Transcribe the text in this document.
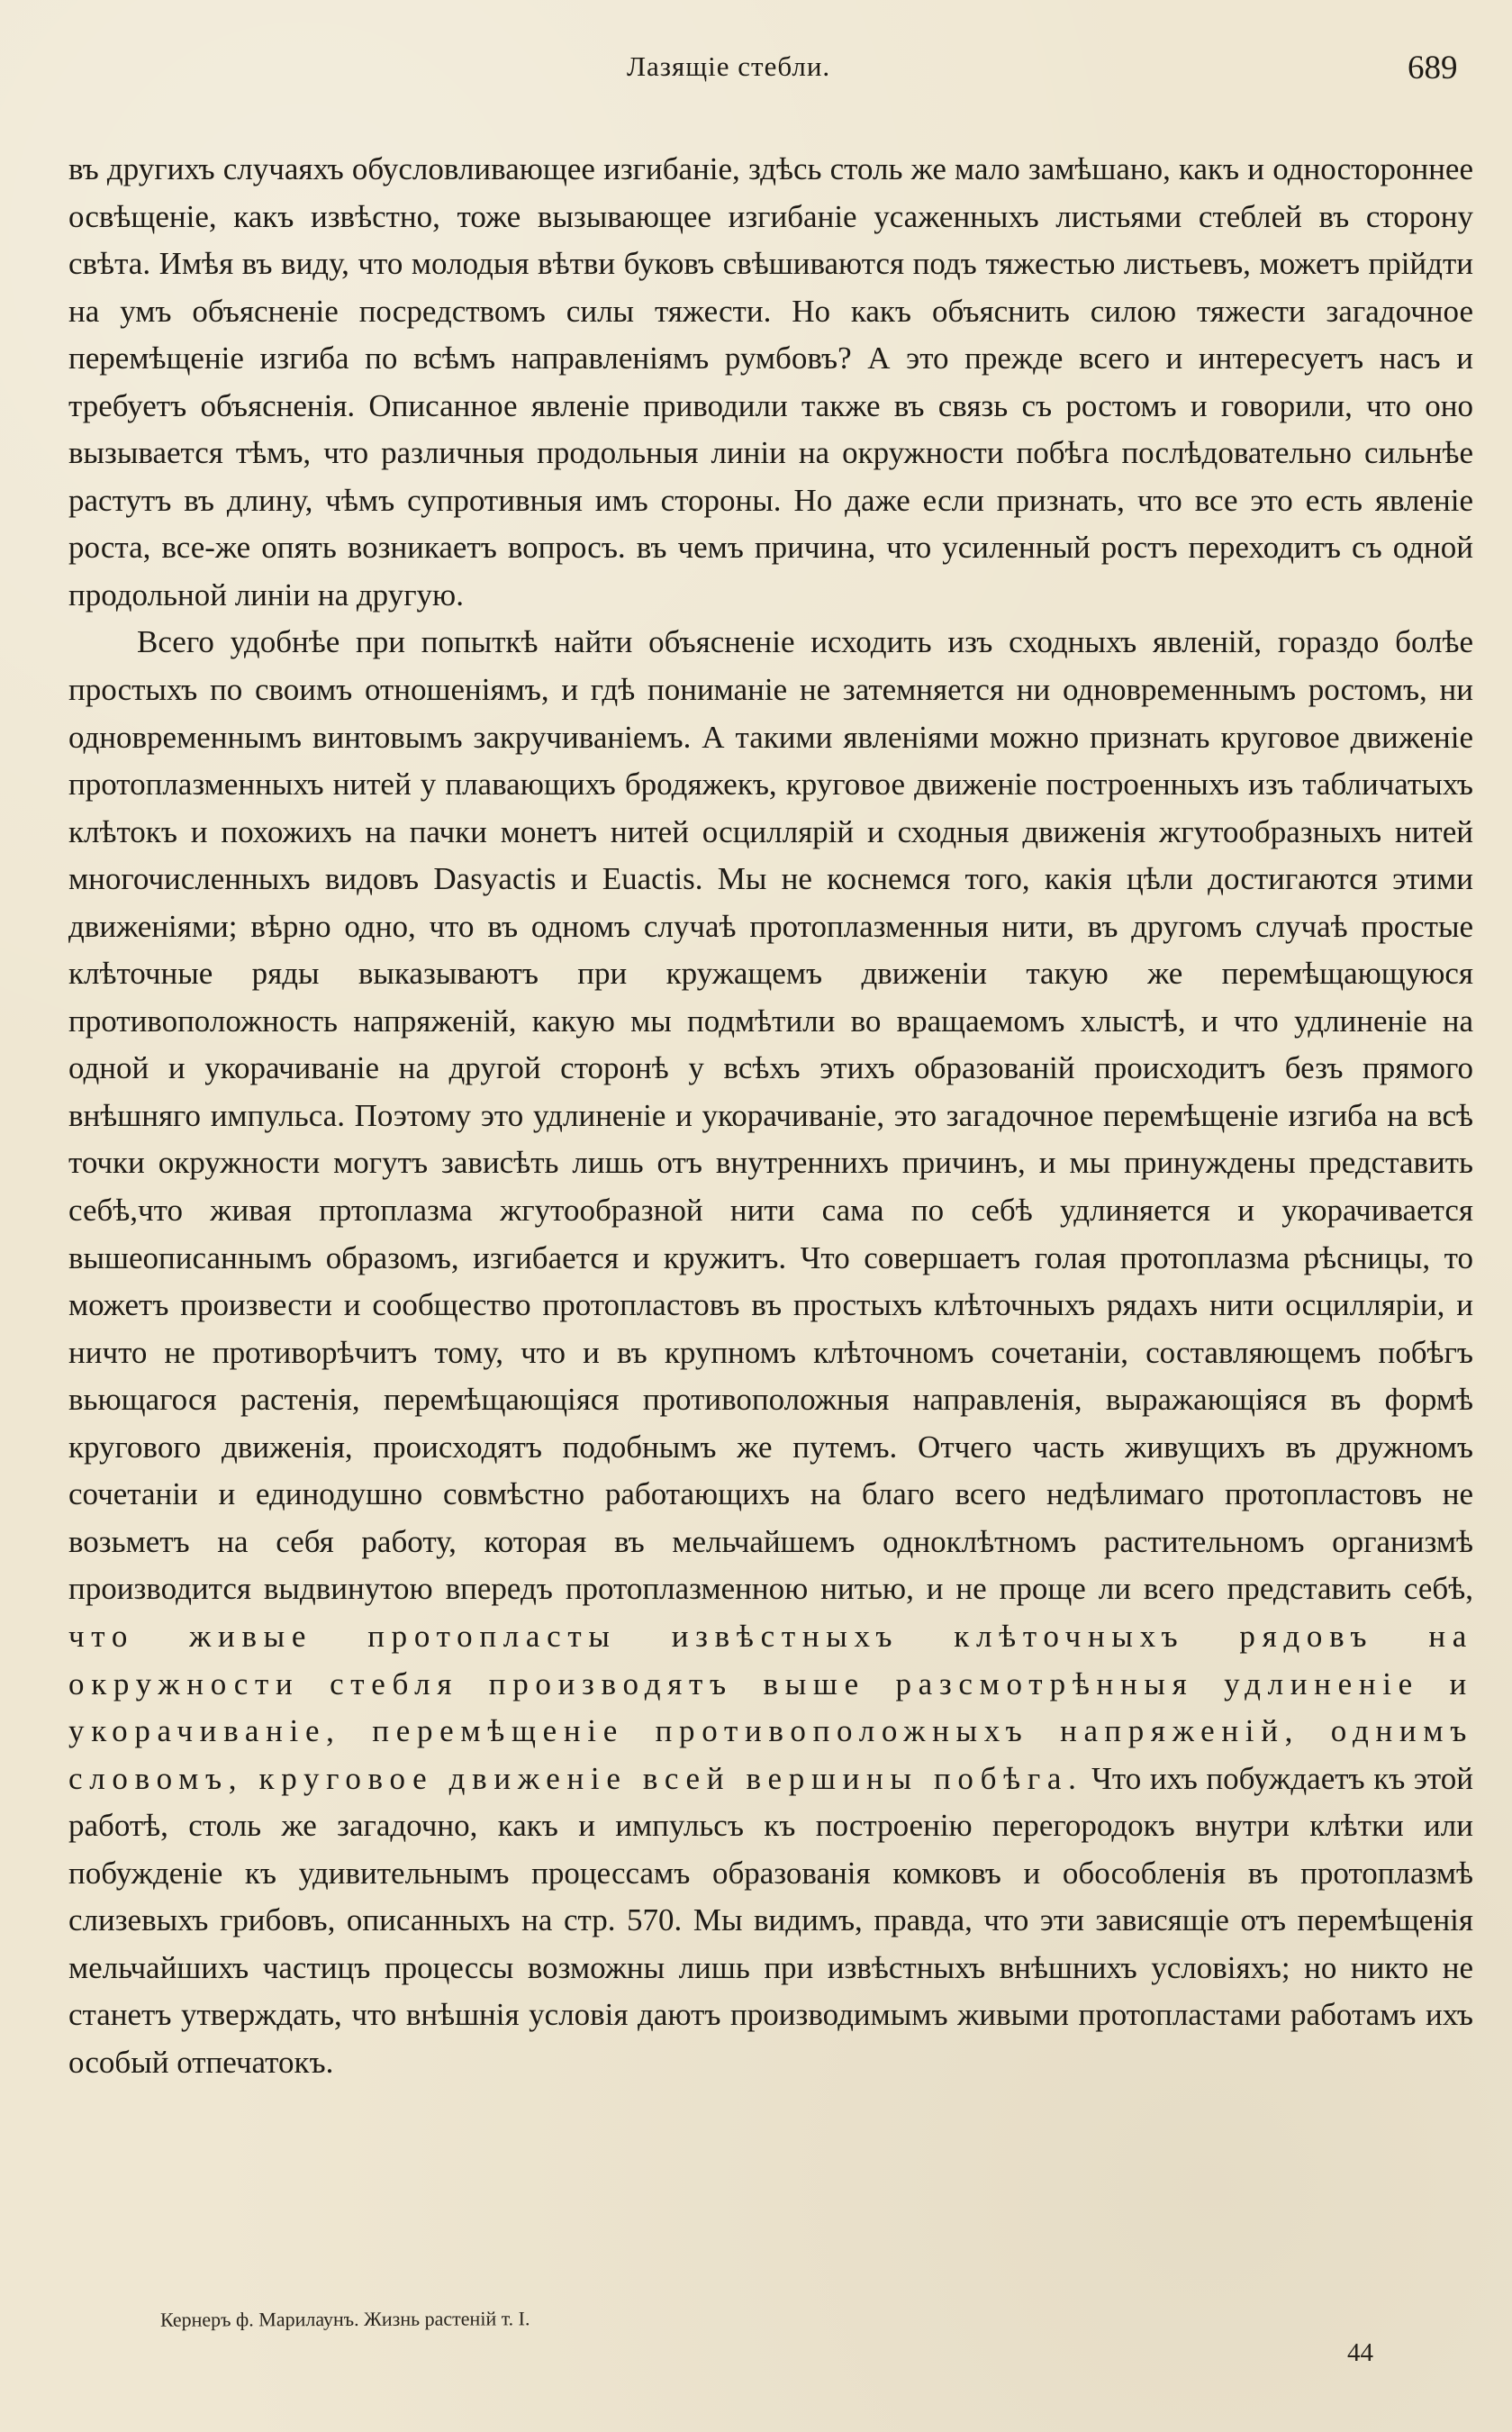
Лазящіе стебли.	689

въ другихъ случаяхъ обусловливающее изгибаніе, здѣсь столь же мало замѣшано, какъ и одностороннее освѣщеніе, какъ извѣстно, тоже вызывающее изгибаніе усаженныхъ листьями стеблей въ сторону свѣта. Имѣя въ виду, что молодыя вѣтви буковъ свѣшиваются подъ тяжестью листьевъ, можетъ прійдти на умъ объясненіе посредствомъ силы тяжести. Но какъ объяснить силою тяжести загадочное перемѣщеніе изгиба по всѣмъ направленіямъ румбовъ? А это прежде всего и интересуетъ насъ и требуетъ объясненія. Описанное явленіе приводили также въ связь съ ростомъ и говорили, что оно вызывается тѣмъ, что различныя продольныя линіи на окружности побѣга послѣдовательно сильнѣе растутъ въ длину, чѣмъ супротивныя имъ стороны. Но даже если признать, что все это есть явленіе роста, все-же опять возникаетъ вопросъ. въ чемъ причина, что усиленный ростъ переходитъ съ одной продольной линіи на другую.

Всего удобнѣе при попыткѣ найти объясненіе исходить изъ сходныхъ явленій, гораздо болѣе простыхъ по своимъ отношеніямъ, и гдѣ пониманіе не затемняется ни одновременнымъ ростомъ, ни одновременнымъ винтовымъ закручиваніемъ. А такими явленіями можно признать круговое движеніе протоплазменныхъ нитей у плавающихъ бродяжекъ, круговое движеніе построенныхъ изъ табличатыхъ клѣтокъ и похожихъ на пачки монетъ нитей осциллярій и сходныя движенія жгутообразныхъ нитей многочисленныхъ видовъ Dasyactis и Euactis. Мы не коснемся того, какія цѣли достигаются этими движеніями; вѣрно одно, что въ одномъ случаѣ протоплазменныя нити, въ другомъ случаѣ простые клѣточные ряды выказываютъ при кружащемъ движеніи такую же перемѣщающуюся противоположность напряженій, какую мы подмѣтили во вращаемомъ хлыстѣ, и что удлиненіе на одной и укорачиваніе на другой сторонѣ у всѣхъ этихъ образованій происходитъ безъ прямого внѣшняго импульса. Поэтому это удлиненіе и укорачиваніе, это загадочное перемѣщеніе изгиба на всѣ точки окружности могутъ зависѣть лишь отъ внутреннихъ причинъ, и мы принуждены представить себѣ,что живая пртоплазма жгутообразной нити сама по себѣ удлиняется и укорачивается вышеописаннымъ образомъ, изгибается и кружитъ. Что совершаетъ голая протоплазма рѣсницы, то можетъ произвести и сообщество протопластовъ въ простыхъ клѣточныхъ рядахъ нити осцилляріи, и ничто не противорѣчитъ тому, что и въ крупномъ клѣточномъ сочетаніи, составляющемъ побѣгъ вьющагося растенія, перемѣщающіяся противоположныя направленія, выражающіяся въ формѣ кругового движенія, происходятъ подобнымъ же путемъ. Отчего часть живущихъ въ дружномъ сочетаніи и единодушно совмѣстно работающихъ на благо всего недѣлимаго протопластовъ не возьметъ на себя работу, которая въ мельчайшемъ одноклѣтномъ растительномъ организмѣ производится выдвинутою впередъ протоплазменною нитью, и не проще ли всего представить себѣ, что живые протопласты извѣстныхъ клѣточныхъ рядовъ на окружности стебля производятъ выше разсмотрѣнныя удлиненіе и укорачиваніе, перемѣщеніе противоположныхъ напряженій, однимъ словомъ, круговое движеніе всей вершины побѣга. Что ихъ побуждаетъ къ этой работѣ, столь же загадочно, какъ и импульсъ къ построенію перегородокъ внутри клѣтки или побужденіе къ удивительнымъ процессамъ образованія комковъ и обособленія въ протоплазмѣ слизевыхъ грибовъ, описанныхъ на стр. 570. Мы видимъ, правда, что эти зависящіе отъ перемѣщенія мельчайшихъ частицъ процессы возможны лишь при извѣстныхъ внѣшнихъ условіяхъ; но никто не станетъ утверждать, что внѣшнія условія даютъ производимымъ живыми протопластами работамъ ихъ особый отпечатокъ.

Кернеръ ф. Марилаунъ. Жизнь растеній т. I.
44
